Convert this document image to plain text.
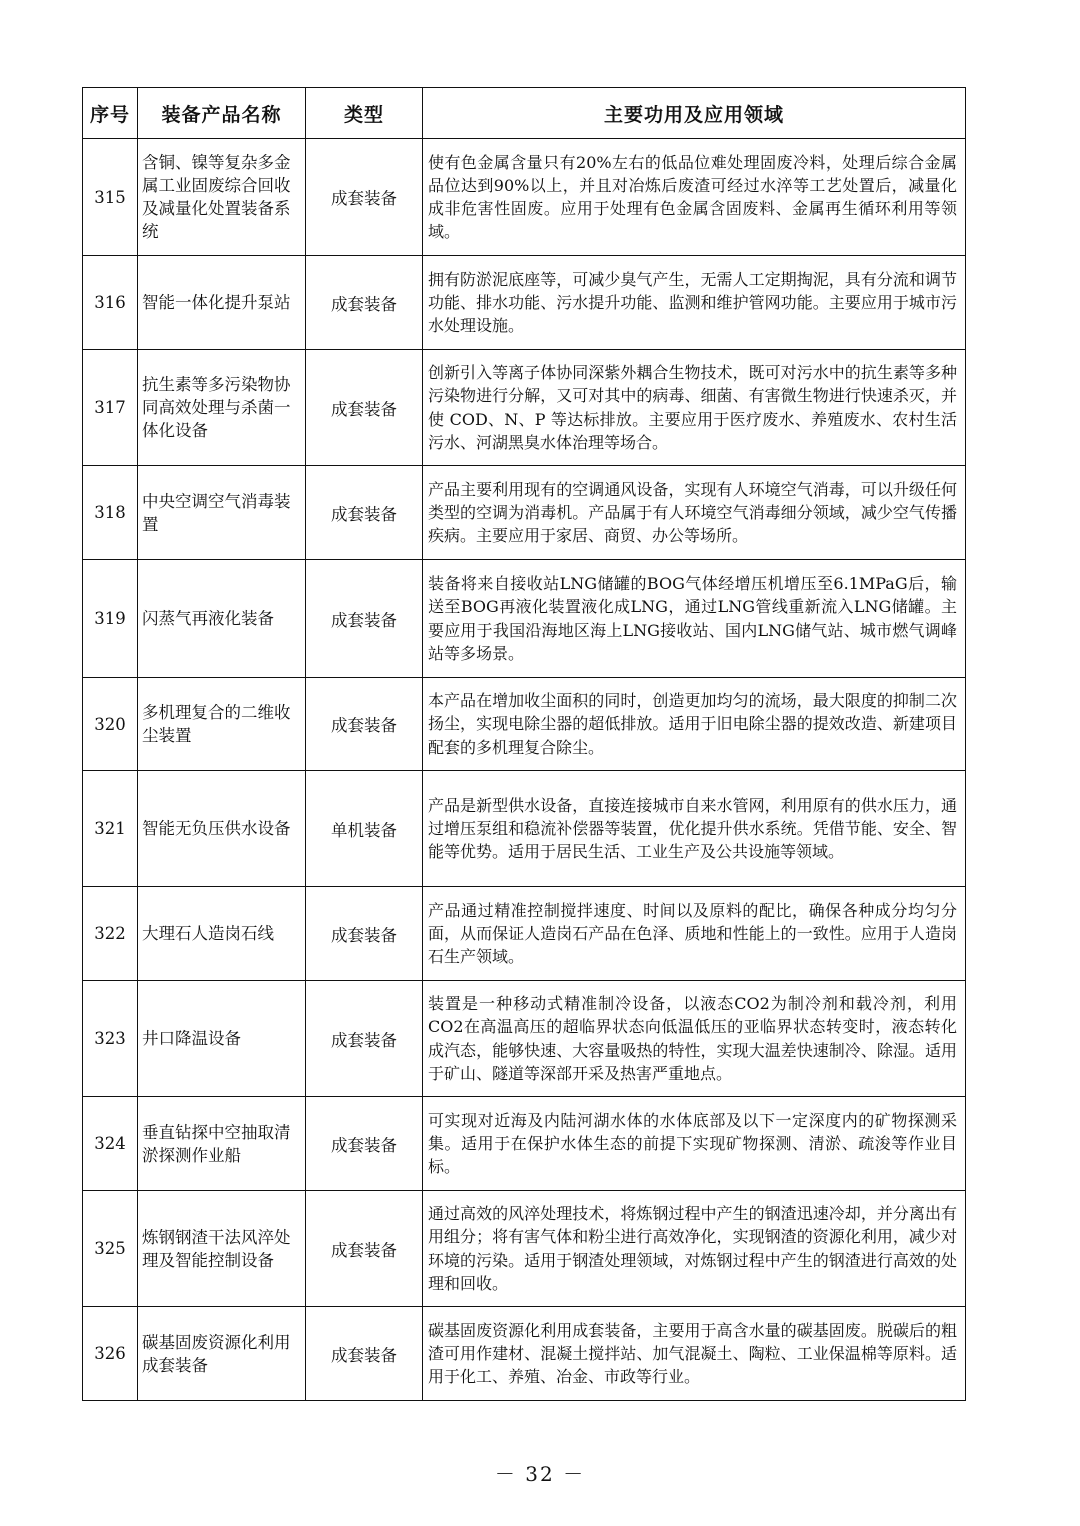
序号	装备产品名称	类型	主要功用及应用领域
315	含铜、镍等复杂多金属工业固废综合回收及减量化处置装备系统	成套装备	使有色金属含量只有20%左右的低品位难处理固废冷料，处理后综合金属品位达到90%以上，并且对冶炼后废渣可经过水淬等工艺处置后，减量化成非危害性固废。应用于处理有色金属含固废料、金属再生循环利用等领域。
316	智能一体化提升泵站	成套装备	拥有防淤泥底座等，可减少臭气产生，无需人工定期掏泥，具有分流和调节功能、排水功能、污水提升功能、监测和维护管网功能。主要应用于城市污水处理设施。
317	抗生素等多污染物协同高效处理与杀菌一体化设备	成套装备	创新引入等离子体协同深紫外耦合生物技术，既可对污水中的抗生素等多种污染物进行分解，又可对其中的病毒、细菌、有害微生物进行快速杀灭，并使 COD、N、P 等达标排放。主要应用于医疗废水、养殖废水、农村生活污水、河湖黑臭水体治理等场合。
318	中央空调空气消毒装置	成套装备	产品主要利用现有的空调通风设备，实现有人环境空气消毒，可以升级任何类型的空调为消毒机。产品属于有人环境空气消毒细分领域，减少空气传播疾病。主要应用于家居、商贸、办公等场所。
319	闪蒸气再液化装备	成套装备	装备将来自接收站LNG储罐的BOG气体经增压机增压至6.1MPaG后，输送至BOG再液化装置液化成LNG，通过LNG管线重新流入LNG储罐。主要应用于我国沿海地区海上LNG接收站、国内LNG储气站、城市燃气调峰站等多场景。
320	多机理复合的二维收尘装置	成套装备	本产品在增加收尘面积的同时，创造更加均匀的流场，最大限度的抑制二次扬尘，实现电除尘器的超低排放。适用于旧电除尘器的提效改造、新建项目配套的多机理复合除尘。
321	智能无负压供水设备	单机装备	产品是新型供水设备，直接连接城市自来水管网，利用原有的供水压力，通过增压泵组和稳流补偿器等装置，优化提升供水系统。凭借节能、安全、智能等优势。适用于居民生活、工业生产及公共设施等领域。
322	大理石人造岗石线	成套装备	产品通过精准控制搅拌速度、时间以及原料的配比，确保各种成分均匀分面，从而保证人造岗石产品在色泽、质地和性能上的一致性。应用于人造岗石生产领域。
323	井口降温设备	成套装备	装置是一种移动式精准制冷设备，以液态CO2为制冷剂和载冷剂，利用CO2在高温高压的超临界状态向低温低压的亚临界状态转变时，液态转化成汽态，能够快速、大容量吸热的特性，实现大温差快速制冷、除湿。适用于矿山、隧道等深部开采及热害严重地点。
324	垂直钻探中空抽取清淤探测作业船	成套装备	可实现对近海及内陆河湖水体的水体底部及以下一定深度内的矿物探测采集。适用于在保护水体生态的前提下实现矿物探测、清淤、疏浚等作业目标。
325	炼钢钢渣干法风淬处理及智能控制设备	成套装备	通过高效的风淬处理技术，将炼钢过程中产生的钢渣迅速冷却，并分离出有用组分；将有害气体和粉尘进行高效净化，实现钢渣的资源化利用，减少对环境的污染。适用于钢渣处理领域，对炼钢过程中产生的钢渣进行高效的处理和回收。
326	碳基固废资源化利用成套装备	成套装备	碳基固废资源化利用成套装备，主要用于高含水量的碳基固废。脱碳后的粗渣可用作建材、混凝土搅拌站、加气混凝土、陶粒、工业保温棉等原料。适用于化工、养殖、冶金、市政等行业。
－ 32 －
